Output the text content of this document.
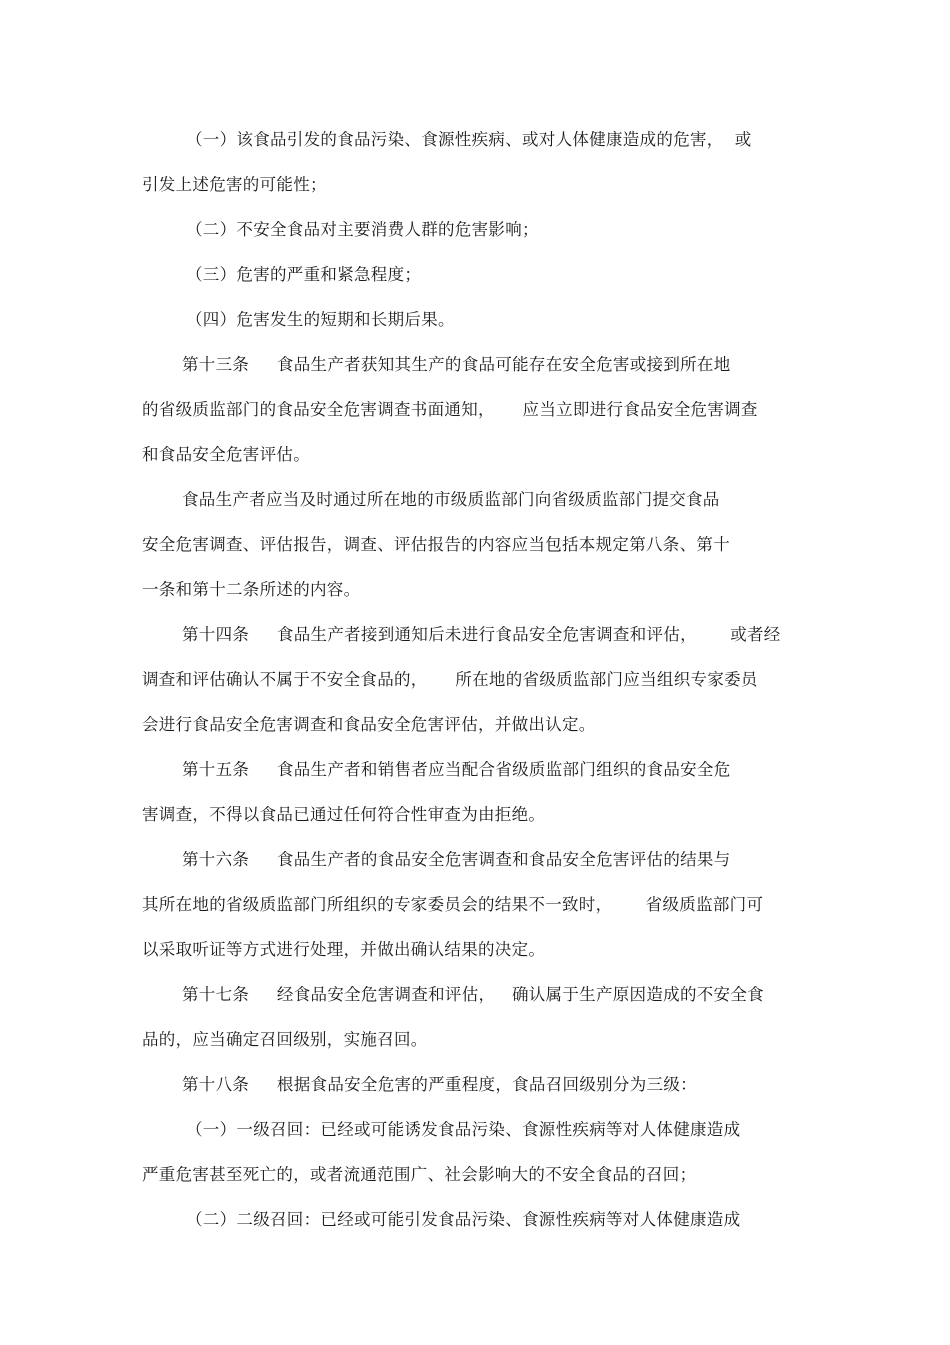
（一）该食品引发的食品污染、食源性疾病、或对人体健康造成的危害，  或
引发上述危害的可能性；
（二）不安全食品对主要消费人群的危害影响；
（三）危害的严重和紧急程度；
（四）危害发生的短期和长期后果。
第十三条     食品生产者获知其生产的食品可能存在安全危害或接到所在地
的省级质监部门的食品安全危害调查书面通知，     应当立即进行食品安全危害调查
和食品安全危害评估。
食品生产者应当及时通过所在地的市级质监部门向省级质监部门提交食品
安全危害调查、评估报告，调查、评估报告的内容应当包括本规定第八条、第十
一条和第十二条所述的内容。
第十四条     食品生产者接到通知后未进行食品安全危害调查和评估，      或者经
调查和评估确认不属于不安全食品的，     所在地的省级质监部门应当组织专家委员
会进行食品安全危害调查和食品安全危害评估，并做出认定。
第十五条     食品生产者和销售者应当配合省级质监部门组织的食品安全危
害调查，不得以食品已通过任何符合性审查为由拒绝。
第十六条     食品生产者的食品安全危害调查和食品安全危害评估的结果与
其所在地的省级质监部门所组织的专家委员会的结果不一致时，      省级质监部门可
以采取听证等方式进行处理，并做出确认结果的决定。
第十七条     经食品安全危害调查和评估，   确认属于生产原因造成的不安全食
品的，应当确定召回级别，实施召回。
第十八条     根据食品安全危害的严重程度，食品召回级别分为三级：
（一）一级召回：已经或可能诱发食品污染、食源性疾病等对人体健康造成
严重危害甚至死亡的，或者流通范围广、社会影响大的不安全食品的召回；
（二）二级召回：已经或可能引发食品污染、食源性疾病等对人体健康造成
